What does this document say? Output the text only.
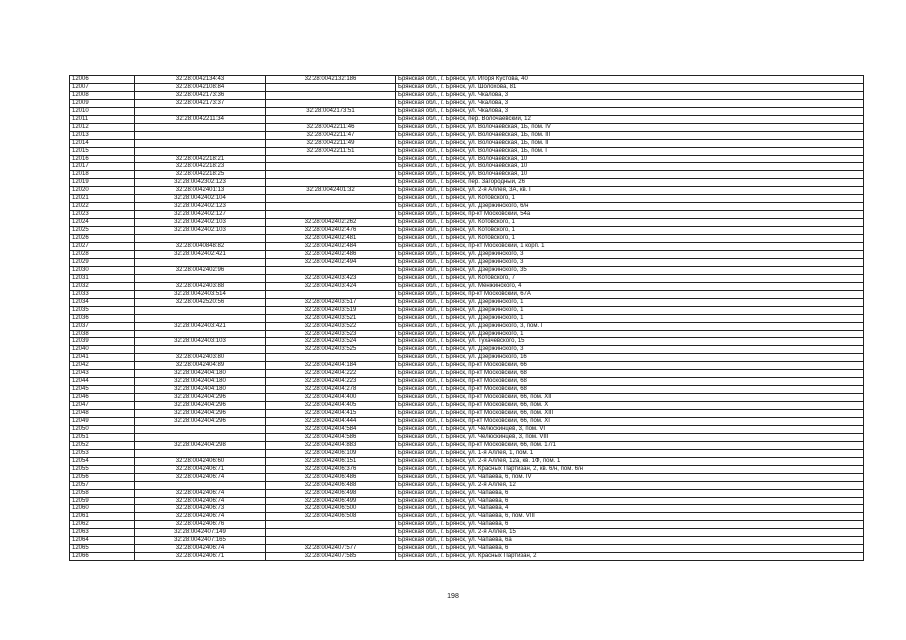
12006	32:28:0042134:43	32:28:0042132:186	Брянская обл., г. Брянск, ул. Игоря Кустова, 40
12007	32:28:0042108:84		Брянская обл., г. Брянск, ул. Шолохова, 81
12008	32:28:0042173:36		Брянская обл., г. Брянск, ул. Чкалова, 3
12009	32:28:0042173:37		Брянская обл., г. Брянск, ул. Чкалова, 3
12010		32:28:0042173:51	Брянская обл., г. Брянск, ул. Чкалова, 3
12011	32:28:0042211:34		Брянская обл., г. Брянск, пер. Волочаевский, 12
12012		32:28:0042211:46	Брянская обл., г. Брянск, ул. Волочаевская, 1Б, пом. IV
12013		32:28:0042211:47	Брянская обл., г. Брянск, ул. Волочаевская, 1Б, пом. III
12014		32:28:0042211:49	Брянская обл., г. Брянск, ул. Волочаевская, 1Б, пом. II
12015		32:28:0042211:51	Брянская обл., г. Брянск, ул. Волочаевская, 1Б, пом. I
12016	32:28:0042218:21		Брянская обл., г. Брянск, ул. Волочаевская, 10
12017	32:28:0042218:23		Брянская обл., г. Брянск, ул. Волочаевская, 10
12018	32:28:0042218:25		Брянская обл., г. Брянск, ул. Волочаевская, 10
12019	32:28:0042302:123		Брянская обл., г. Брянск, пер. Загородный, 26
12020	32:28:0042401:13	32:28:0042401:32	Брянская обл., г. Брянск, ул. 2-я Аллея, 3А, кв. I
12021	32:28:0042402:104		Брянская обл., г. Брянск, ул. Котовского, 1
12022	32:28:0042402:123		Брянская обл., г. Брянск, ул. Дзержинского, 6/н
12023	32:28:0042402:127		Брянская обл., г. Брянск, пр-кт Московский, 54а
12024	32:28:0042402:103	32:28:0042402:262	Брянская обл., г. Брянск, ул. Котовского, 1
12025	32:28:0042402:103	32:28:0042402:476	Брянская обл., г. Брянск, ул. Котовского, 1
12026		32:28:0042402:481	Брянская обл., г. Брянск, ул. Котовского, 1
12027	32:28:0040848:82	32:28:0042402:484	Брянская обл., г. Брянск, пр-кт Московский, 1 корп. 1
12028	32:28:0042402:421	32:28:0042402:486	Брянская обл., г. Брянск, ул. Дзержинского, 3
12029		32:28:0042402:494	Брянская обл., г. Брянск, ул. Дзержинского, 3
12030	32:28:0042402:96		Брянская обл., г. Брянск, ул. Дзержинского, 35
12031		32:28:0042403:423	Брянская обл., г. Брянск, ул. Котовского, 7
12032	32:28:0042403:88	32:28:0042403:424	Брянская обл., г. Брянск, ул. Менжинского, 4
12033	32:28:0042403:514		Брянская обл., г. Брянск, пр-кт Московский, 67А
12034	32:28:0042520:56	32:28:0042403:517	Брянская обл., г. Брянск, ул. Дзержинского, 1
12035		32:28:0042403:519	Брянская обл., г. Брянск, ул. Дзержинского, 1
12036		32:28:0042403:521	Брянская обл., г. Брянск, ул. Дзержинского, 1
12037	32:28:0042403:421	32:28:0042403:522	Брянская обл., г. Брянск, ул. Дзержинского, 3, пом. I
12038		32:28:0042403:523	Брянская обл., г. Брянск, ул. Дзержинского, 1
12039	32:28:0042403:103	32:28:0042403:524	Брянская обл., г. Брянск, ул. Тухачевского, 15
12040		32:28:0042403:525	Брянская обл., г. Брянск, ул. Дзержинского, 3
12041	32:28:0042403:80		Брянская обл., г. Брянск, ул. Дзержинского, 16
12042	32:28:0042404:89	32:28:0042404:184	Брянская обл., г. Брянск, пр-кт Московский, 66
12043	32:28:0042404:180	32:28:0042404:222	Брянская обл., г. Брянск, пр-кт Московский, 68
12044	32:28:0042404:180	32:28:0042404:223	Брянская обл., г. Брянск, пр-кт Московский, 68
12045	32:28:0042404:180	32:28:0042404:278	Брянская обл., г. Брянск, пр-кт Московский, 68
12046	32:28:0042404:296	32:28:0042404:400	Брянская обл., г. Брянск, пр-кт Московский, 66, пом. XII
12047	32:28:0042404:296	32:28:0042404:405	Брянская обл., г. Брянск, пр-кт Московский, 66, пом. X
12048	32:28:0042404:296	32:28:0042404:415	Брянская обл., г. Брянск, пр-кт Московский, 66, пом. XIII
12049	32:28:0042404:296	32:28:0042404:444	Брянская обл., г. Брянск, пр-кт Московский, 66, пом. XI
12050		32:28:0042404:584	Брянская обл., г. Брянск, ул. Челюскинцев, 3, пом. VI
12051		32:28:0042404:586	Брянская обл., г. Брянск, ул. Челюскинцев, 3, пом. VIII
12052	32:28:0042404:298	32:28:0042404:883	Брянская обл., г. Брянск, пр-кт Московский, 66, пом. 17/1
12053		32:28:0042406:109	Брянская обл., г. Брянск, ул. 1-я Аллея, 1, пом. 1
12054	32:28:0042406:60	32:28:0042406:151	Брянская обл., г. Брянск, ул. 2-я Аллея, 12а, кв. 1Ф, пом. 1
12055	32:28:0042406:71	32:28:0042406:376	Брянская обл., г. Брянск, ул. Красных Партизан, 2, кв. 6/н, пом. 6/н
12056	32:28:0042406:74	32:28:0042406:486	Брянская обл., г. Брянск, ул. Чапаева, 6, пом. IV
12057		32:28:0042406:488	Брянская обл., г. Брянск, ул. 2-я Аллея, 12
12058	32:28:0042406:74	32:28:0042406:498	Брянская обл., г. Брянск, ул. Чапаева, 6
12059	32:28:0042406:74	32:28:0042406:499	Брянская обл., г. Брянск, ул. Чапаева, 6
12060	32:28:0042406:73	32:28:0042406:500	Брянская обл., г. Брянск, ул. Чапаева, 4
12061	32:28:0042406:74	32:28:0042406:508	Брянская обл., г. Брянск, ул. Чапаева, 6, пом. VIII
12062	32:28:0042406:76		Брянская обл., г. Брянск, ул. Чапаева, 6
12063	32:28:0042407:149		Брянская обл., г. Брянск, ул. 2-я Аллея, 15
12064	32:28:0042407:165		Брянская обл., г. Брянск, ул. Чапаева, 6а
12065	32:28:0042406:74	32:28:0042407:577	Брянская обл., г. Брянск, ул. Чапаева, 6
12066	32:28:0042406:71	32:28:0042407:585	Брянская обл., г. Брянск, ул. Красных Партизан, 2
198
